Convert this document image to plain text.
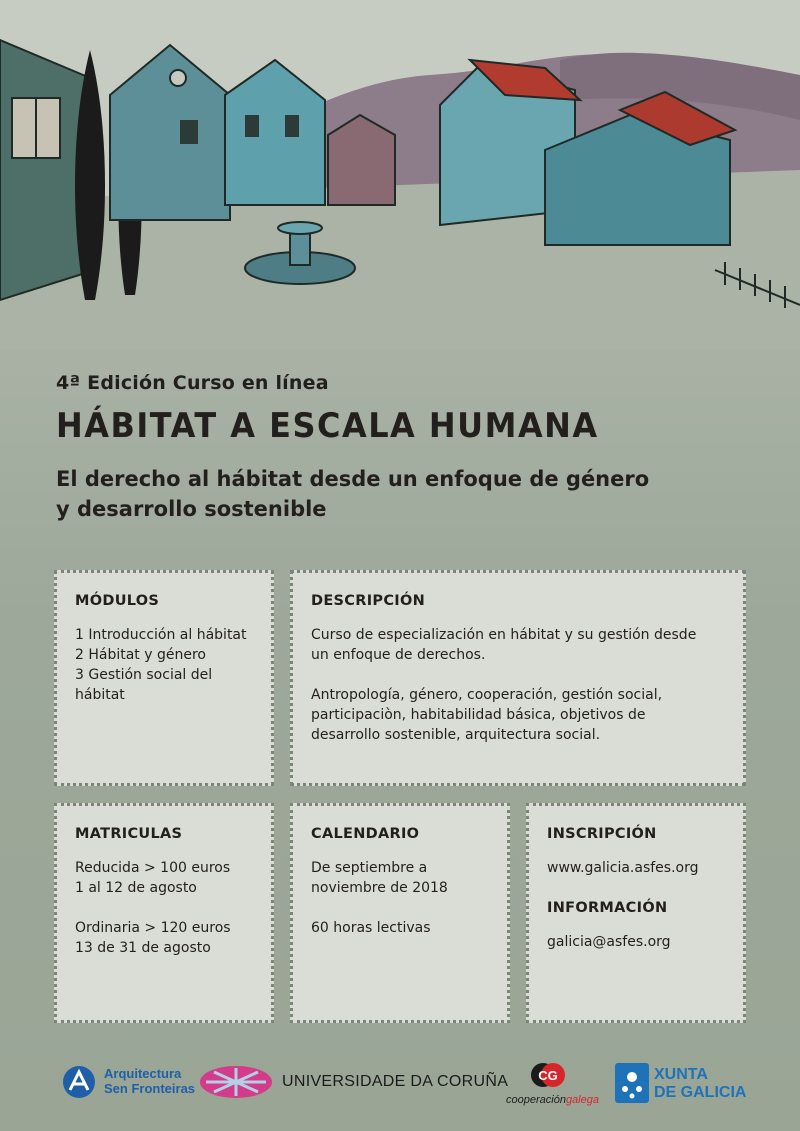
4ª Edición Curso en línea

HÁBITAT A ESCALA HUMANA

El derecho al hábitat desde un enfoque de género
y desarrollo sostenible
MÓDULOS

1 Introducción al hábitat

2 Hábitat y género

3 Gestión social del hábitat

DESCRIPCIÓN

Curso de especialización en hábitat y su gestión desde

un enfoque de derechos.

Antropología, género, cooperación, gestión social,

participaciòn, habitabilidad básica, objetivos de

desarrollo sostenible, arquitectura social.

MATRICULAS

Reducida > 100 euros

1 al 12 de agosto

Ordinaria > 120 euros

13 de 31 de agosto

CALENDARIO

De septiembre a

noviembre de 2018

60 horas lectivas

INSCRIPCIÓN

www.galicia.asfes.org

INFORMACIÓN

galicia@asfes.org

Arquitectura
Sen Fronteiras	UNIVERSIDADE DA CORUÑA CG
cooperacióngalega
XUNTA
DE GALICIA
